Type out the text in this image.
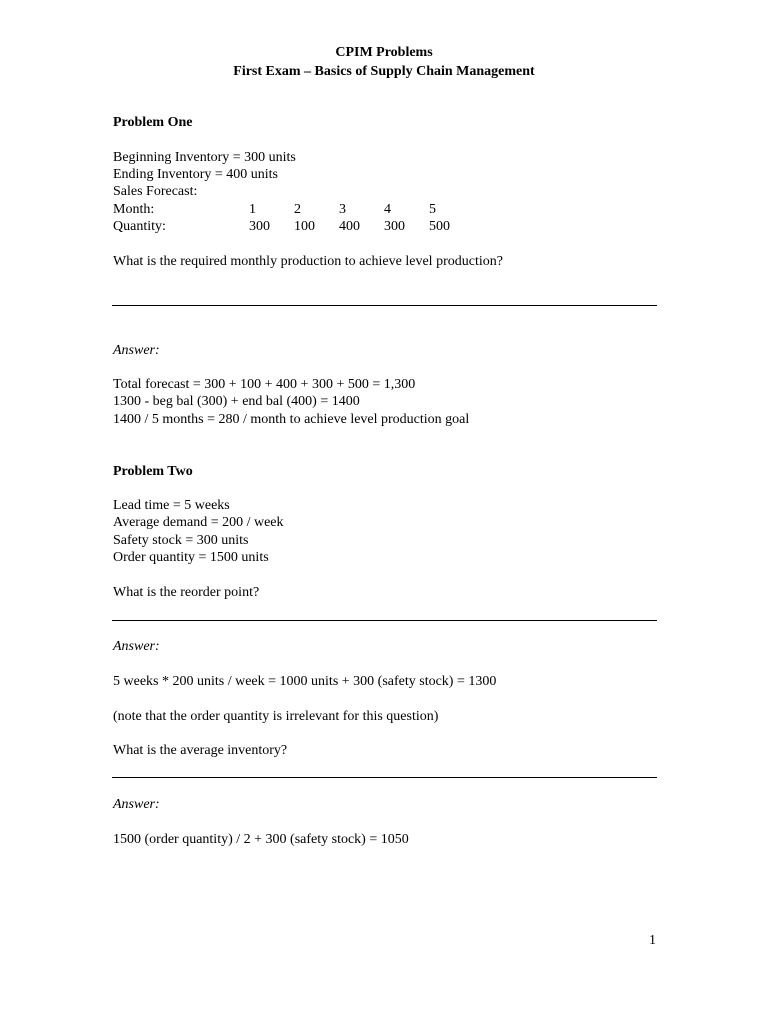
CPIM Problems
First Exam – Basics of Supply Chain Management
Problem One
Beginning Inventory = 300 units
Ending Inventory = 400 units
Sales Forecast:
Month:	1	2	3	4	5
Quantity:	300 100 400 300 500
What is the required monthly production to achieve level production?
Answer:
Total forecast = 300 + 100 + 400 + 300 + 500 = 1,300
1300 - beg bal (300) + end bal (400) = 1400
1400 / 5 months = 280 / month to achieve level production goal
Problem Two
Lead time = 5 weeks
Average demand = 200 / week
Safety stock = 300 units
Order quantity = 1500 units
What is the reorder point?
Answer:
5 weeks * 200 units / week = 1000 units + 300 (safety stock) = 1300
(note that the order quantity is irrelevant for this question)
What is the average inventory?
Answer:
1500 (order quantity) / 2 + 300 (safety stock) = 1050
1
